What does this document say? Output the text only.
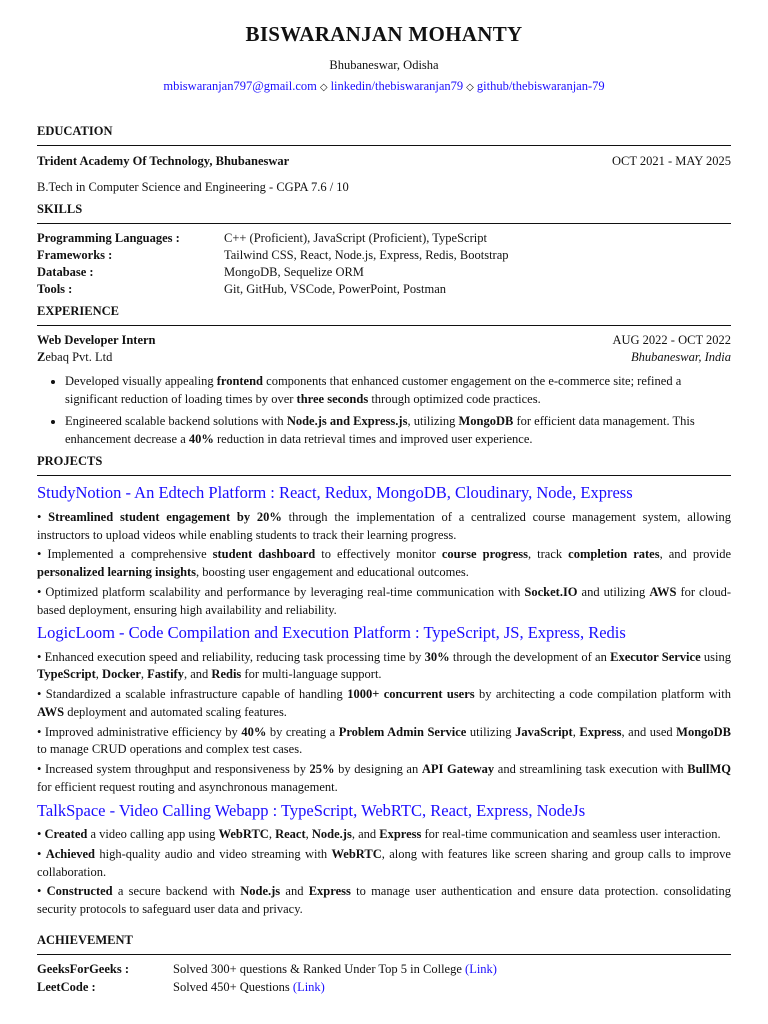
BISWARANJAN MOHANTY
Bhubaneswar, Odisha
mbiswaranjan797@gmail.com ◇ linkedin/thebiswaranjan79 ◇ github/thebiswaranjan-79
EDUCATION
Trident Academy Of Technology, Bhubaneswar	OCT 2021 - MAY 2025
B.Tech in Computer Science and Engineering - CGPA 7.6 / 10
SKILLS
Programming Languages :	C++ (Proficient), JavaScript (Proficient), TypeScript
Frameworks :	Tailwind CSS, React, Node.js, Express, Redis, Bootstrap
Database :	MongoDB, Sequelize ORM
Tools :	Git, GitHub, VSCode, PowerPoint, Postman
EXPERIENCE
Web Developer Intern	AUG 2022 - OCT 2022
Zebaq Pvt. Ltd	Bhubaneswar, India
• Developed visually appealing frontend components that enhanced customer engagement on the e-commerce site; refined a significant reduction of loading times by over three seconds through optimized code practices.
• Engineered scalable backend solutions with Node.js and Express.js, utilizing MongoDB for efficient data management. This enhancement decrease a 40% reduction in data retrieval times and improved user experience.
PROJECTS
StudyNotion - An Edtech Platform : React, Redux, MongoDB, Cloudinary, Node, Express

• Streamlined student engagement by 20% through the implementation of a centralized course management system, allowing instructors to upload videos while enabling students to track their learning progress.

• Implemented a comprehensive student dashboard to effectively monitor course progress, track completion rates, and provide personalized learning insights, boosting user engagement and educational outcomes.

• Optimized platform scalability and performance by leveraging real-time communication with Socket.IO and utilizing AWS for cloud-based deployment, ensuring high availability and reliability.

LogicLoom - Code Compilation and Execution Platform : TypeScript, JS, Express, Redis

• Enhanced execution speed and reliability, reducing task processing time by 30% through the development of an Executor Service using TypeScript, Docker, Fastify, and Redis for multi-language support.

• Standardized a scalable infrastructure capable of handling 1000+ concurrent users by architecting a code compilation platform with AWS deployment and automated scaling features.

• Improved administrative efficiency by 40% by creating a Problem Admin Service utilizing JavaScript, Express, and used MongoDB to manage CRUD operations and complex test cases.

• Increased system throughput and responsiveness by 25% by designing an API Gateway and streamlining task execution with BullMQ for efficient request routing and asynchronous management.

TalkSpace - Video Calling Webapp : TypeScript, WebRTC, React, Express, NodeJs

• Created a video calling app using WebRTC, React, Node.js, and Express for real-time communication and seamless user interaction.

• Achieved high-quality audio and video streaming with WebRTC, along with features like screen sharing and group calls to improve collaboration.

• Constructed a secure backend with Node.js and Express to manage user authentication and ensure data protection. consolidating security protocols to safeguard user data and privacy.

ACHIEVEMENT
GeeksForGeeks :	Solved 300+ questions & Ranked Under Top 5 in College (Link)
LeetCode :	Solved 450+ Questions (Link)
